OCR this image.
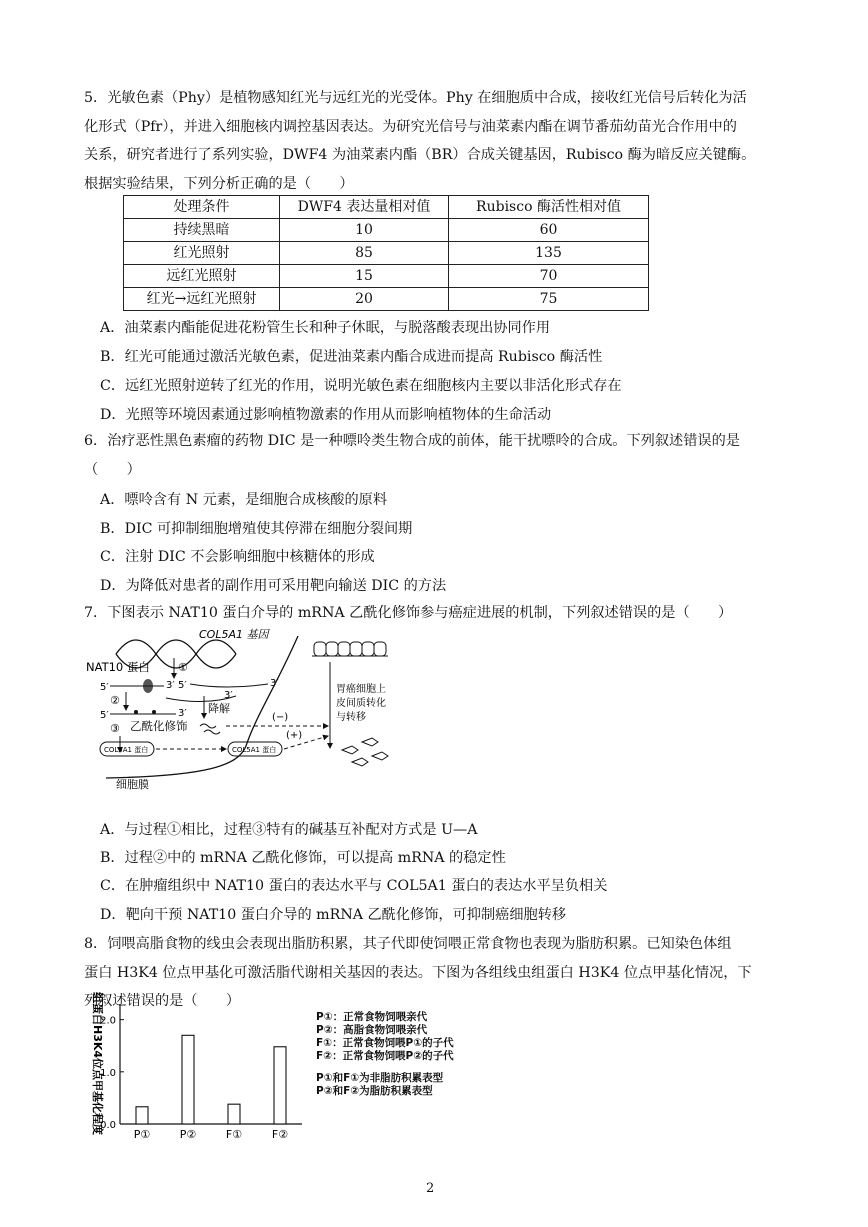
5．光敏色素（Phy）是植物感知红光与远红光的光受体。Phy 在细胞质中合成，接收红光信号后转化为活
化形式（Pfr），并进入细胞核内调控基因表达。为研究光信号与油菜素内酯在调节番茄幼苗光合作用中的
关系，研究者进行了系列实验，DWF4 为油菜素内酯（BR）合成关键基因，Rubisco 酶为暗反应关键酶。
根据实验结果，下列分析正确的是（　　）
处理条件	DWF4 表达量相对值	Rubisco 酶活性相对值
持续黑暗	10	60
红光照射	85	135
远红光照射	15	70
红光→远红光照射	20	75
A．油菜素内酯能促进花粉管生长和种子休眠，与脱落酸表现出协同作用
B．红光可能通过激活光敏色素，促进油菜素内酯合成进而提高 Rubisco 酶活性
C．远红光照射逆转了红光的作用，说明光敏色素在细胞核内主要以非活化形式存在
D．光照等环境因素通过影响植物激素的作用从而影响植物体的生命活动
6．治疗恶性黑色素瘤的药物 DIC 是一种嘌呤类生物合成的前体，能干扰嘌呤的合成。下列叙述错误的是
（　　）
A．嘌呤含有 N 元素，是细胞合成核酸的原料
B．DIC 可抑制细胞增殖使其停滞在细胞分裂间期
C．注射 DIC 不会影响细胞中核糖体的形成
D．为降低对患者的副作用可采用靶向输送 DIC 的方法
7．下图表示 NAT10 蛋白介导的 mRNA 乙酰化修饰参与癌症进展的机制，下列叙述错误的是（　　）
COL5A1 基因
细胞膜
NAT10 蛋白	①
5′	3′ 5′	3′
②	3′
5′	3′ 降解
③ 乙酰化修饰
(−)
COL5A1 蛋白	COL5A1 蛋白
(+)
胃癌细胞上
皮间质转化
与转移
A．与过程①相比，过程③特有的碱基互补配对方式是 U—A
B．过程②中的 mRNA 乙酰化修饰，可以提高 mRNA 的稳定性
C．在肿瘤组织中 NAT10 蛋白的表达水平与 COL5A1 蛋白的表达水平呈负相关
D．靶向干预 NAT10 蛋白介导的 mRNA 乙酰化修饰，可抑制癌细胞转移
8．饲喂高脂食物的线虫会表现出脂肪积累，其子代即使饲喂正常食物也表现为脂肪积累。已知染色体组
蛋白 H3K4 位点甲基化可激活脂代谢相关基因的表达。下图为各组线虫组蛋白 H3K4 位点甲基化情况，下
列叙述错误的是（　　）
组蛋白H3K4位点甲基化程度
0.0
1.0
2.0
P①	P②	F①	F②
P①：正常食物饲喂亲代
P②：高脂食物饲喂亲代
F①：正常食物饲喂P①的子代
F②：正常食物饲喂P②的子代
P①和F①为非脂肪积累表型
P②和F②为脂肪积累表型
2
